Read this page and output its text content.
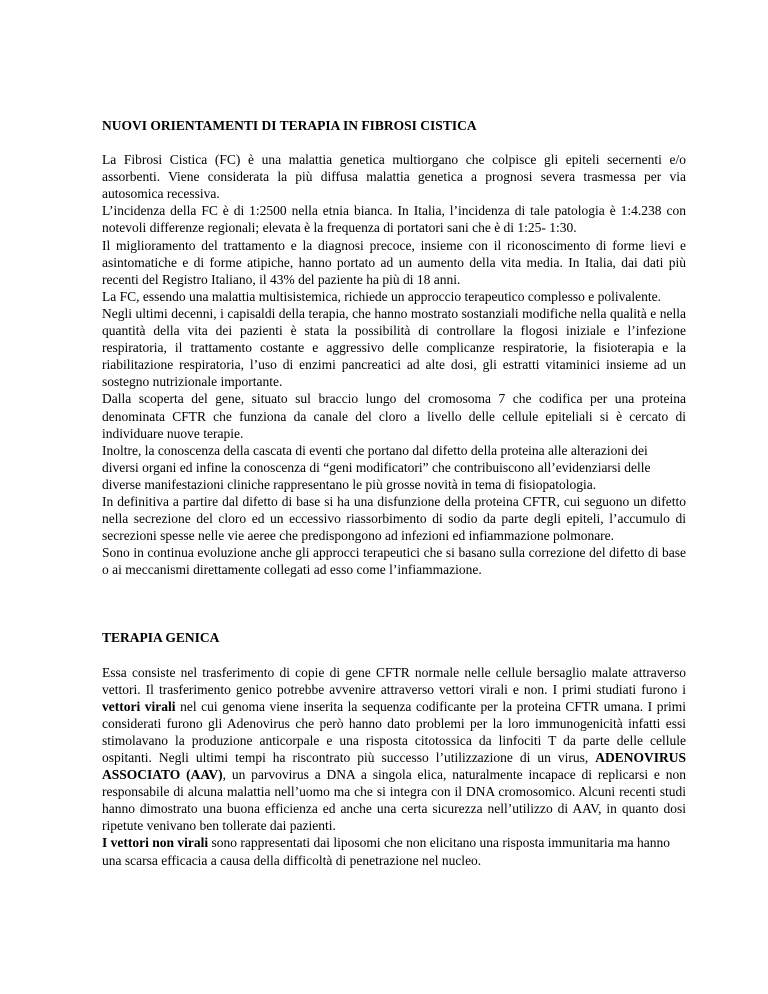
NUOVI ORIENTAMENTI DI TERAPIA IN FIBROSI CISTICA

La Fibrosi Cistica (FC) è una malattia genetica multiorgano che colpisce gli epiteli secernenti e/o assorbenti. Viene considerata la più diffusa malattia genetica a prognosi severa trasmessa per via autosomica recessiva.

L’incidenza della FC è di 1:2500 nella etnia bianca. In Italia, l’incidenza di tale patologia è 1:4.238 con notevoli differenze regionali; elevata è la frequenza di portatori sani che è di 1:25- 1:30.

Il miglioramento del trattamento e la diagnosi precoce, insieme con il riconoscimento di forme lievi e asintomatiche e di forme atipiche, hanno portato ad un aumento della vita media. In Italia, dai dati più recenti del Registro Italiano, il 43% del paziente ha più di 18 anni.

La FC, essendo una malattia multisistemica, richiede un approccio terapeutico complesso e polivalente.

Negli ultimi decenni, i capisaldi della terapia, che hanno mostrato sostanziali modifiche nella qualità e nella quantità della vita dei pazienti è stata la possibilità di controllare la flogosi iniziale e l’infezione respiratoria, il trattamento costante e aggressivo delle complicanze respiratorie, la fisioterapia e la riabilitazione respiratoria, l’uso di enzimi pancreatici ad alte dosi, gli estratti vitaminici insieme ad un sostegno nutrizionale importante.

Dalla scoperta del gene, situato sul braccio lungo del cromosoma 7 che codifica per una proteina denominata CFTR che funziona da canale del cloro a livello delle cellule epiteliali si è cercato di individuare nuove terapie.

Inoltre, la conoscenza della cascata di eventi che portano dal difetto della proteina alle alterazioni dei diversi organi ed infine la conoscenza di “geni modificatori” che contribuiscono all’evidenziarsi delle diverse manifestazioni cliniche rappresentano le più grosse novità in tema di fisiopatologia.

In definitiva a partire dal difetto di base si ha una disfunzione della proteina CFTR, cui seguono un difetto nella secrezione del cloro ed un eccessivo riassorbimento di sodio da parte degli epiteli, l’accumulo di secrezioni spesse nelle vie aeree che predispongono ad infezioni ed infiammazione polmonare.

Sono in continua evoluzione anche gli approcci terapeutici che si basano sulla correzione del difetto di base o ai meccanismi direttamente collegati ad esso come l’infiammazione.

TERAPIA GENICA

Essa consiste nel trasferimento di copie di gene CFTR normale nelle cellule bersaglio malate attraverso vettori. Il trasferimento genico potrebbe avvenire attraverso vettori virali e non. I primi studiati furono i vettori virali nel cui genoma viene inserita la sequenza codificante per la proteina CFTR umana. I primi considerati furono gli Adenovirus che però hanno dato problemi per la loro immunogenicità infatti essi stimolavano la produzione anticorpale e una risposta citotossica da linfociti T da parte delle cellule ospitanti. Negli ultimi tempi ha riscontrato più successo l’utilizzazione di un virus, ADENOVIRUS ASSOCIATO (AAV), un parvovirus a DNA a singola elica, naturalmente incapace di replicarsi e non responsabile di alcuna malattia nell’uomo ma che si integra con il DNA cromosomico. Alcuni recenti studi hanno dimostrato una buona efficienza ed anche una certa sicurezza nell’utilizzo di AAV, in quanto dosi ripetute venivano ben tollerate dai pazienti.

I vettori non virali sono rappresentati dai liposomi che non elicitano una risposta immunitaria ma hanno una scarsa efficacia a causa della difficoltà di penetrazione nel nucleo.
